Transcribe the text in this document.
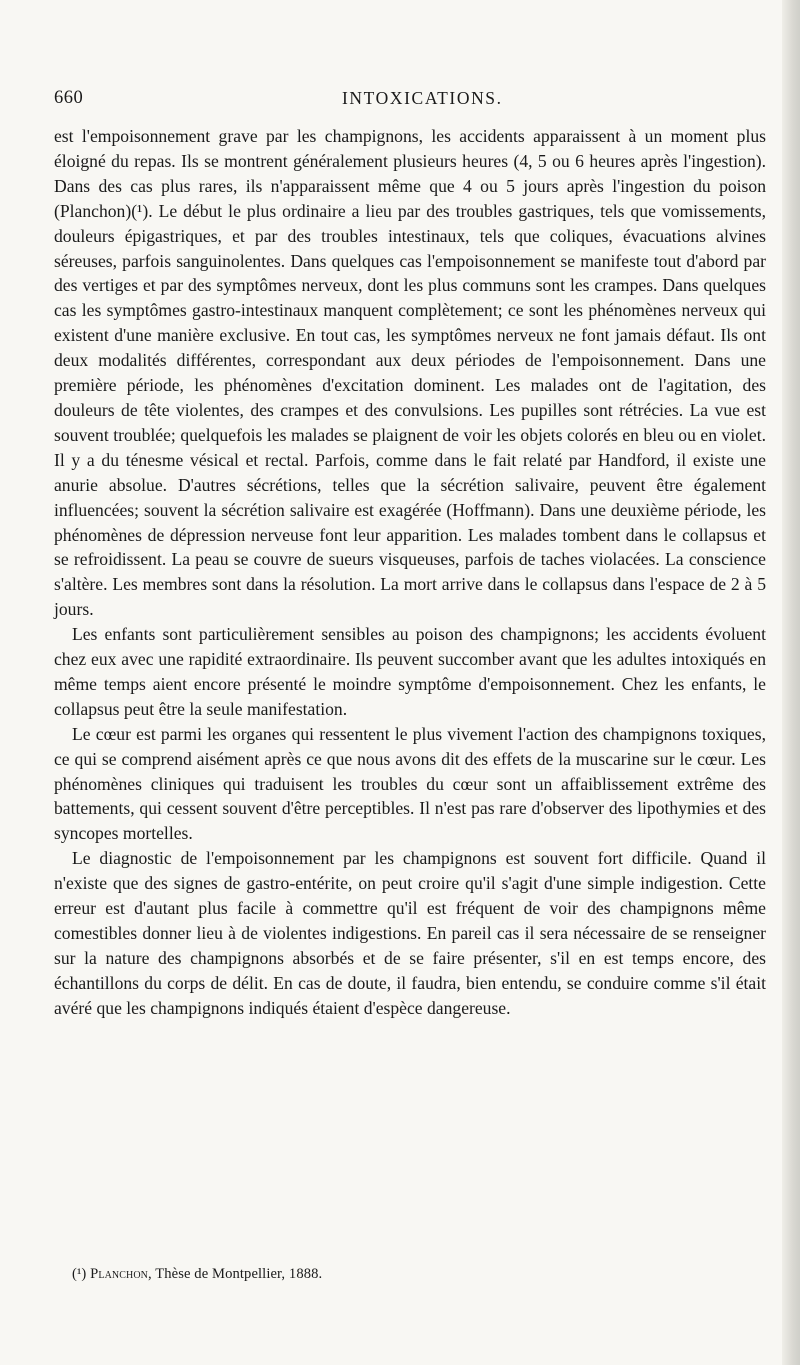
660	INTOXICATIONS.

est l'empoisonnement grave par les champignons, les accidents apparaissent à un moment plus éloigné du repas. Ils se montrent généralement plusieurs heures (4, 5 ou 6 heures après l'ingestion). Dans des cas plus rares, ils n'apparaissent même que 4 ou 5 jours après l'ingestion du poison (Planchon)(¹). Le début le plus ordinaire a lieu par des troubles gastriques, tels que vomissements, douleurs épigastriques, et par des troubles intestinaux, tels que coliques, évacuations alvines séreuses, parfois sanguinolentes. Dans quelques cas l'empoisonnement se manifeste tout d'abord par des vertiges et par des symptômes nerveux, dont les plus communs sont les crampes. Dans quelques cas les symptômes gastro-intestinaux manquent complètement; ce sont les phénomènes nerveux qui existent d'une manière exclusive. En tout cas, les symptômes nerveux ne font jamais défaut. Ils ont deux modalités différentes, correspondant aux deux périodes de l'empoisonnement. Dans une première période, les phénomènes d'excitation dominent. Les malades ont de l'agitation, des douleurs de tête violentes, des crampes et des convulsions. Les pupilles sont rétrécies. La vue est souvent troublée; quelquefois les malades se plaignent de voir les objets colorés en bleu ou en violet. Il y a du ténesme vésical et rectal. Parfois, comme dans le fait relaté par Handford, il existe une anurie absolue. D'autres sécrétions, telles que la sécrétion salivaire, peuvent être également influencées; souvent la sécrétion salivaire est exagérée (Hoffmann). Dans une deuxième période, les phénomènes de dépression nerveuse font leur apparition. Les malades tombent dans le collapsus et se refroidissent. La peau se couvre de sueurs visqueuses, parfois de taches violacées. La conscience s'altère. Les membres sont dans la résolution. La mort arrive dans le collapsus dans l'espace de 2 à 5 jours.

Les enfants sont particulièrement sensibles au poison des champignons; les accidents évoluent chez eux avec une rapidité extraordinaire. Ils peuvent succomber avant que les adultes intoxiqués en même temps aient encore présenté le moindre symptôme d'empoisonnement. Chez les enfants, le collapsus peut être la seule manifestation.

Le cœur est parmi les organes qui ressentent le plus vivement l'action des champignons toxiques, ce qui se comprend aisément après ce que nous avons dit des effets de la muscarine sur le cœur. Les phénomènes cliniques qui traduisent les troubles du cœur sont un affaiblissement extrême des battements, qui cessent souvent d'être perceptibles. Il n'est pas rare d'observer des lipothymies et des syncopes mortelles.

Le diagnostic de l'empoisonnement par les champignons est souvent fort difficile. Quand il n'existe que des signes de gastro-entérite, on peut croire qu'il s'agit d'une simple indigestion. Cette erreur est d'autant plus facile à commettre qu'il est fréquent de voir des champignons même comestibles donner lieu à de violentes indigestions. En pareil cas il sera nécessaire de se renseigner sur la nature des champignons absorbés et de se faire présenter, s'il en est temps encore, des échantillons du corps de délit. En cas de doute, il faudra, bien entendu, se conduire comme s'il était avéré que les champignons indiqués étaient d'espèce dangereuse.

(¹) Planchon, Thèse de Montpellier, 1888.
